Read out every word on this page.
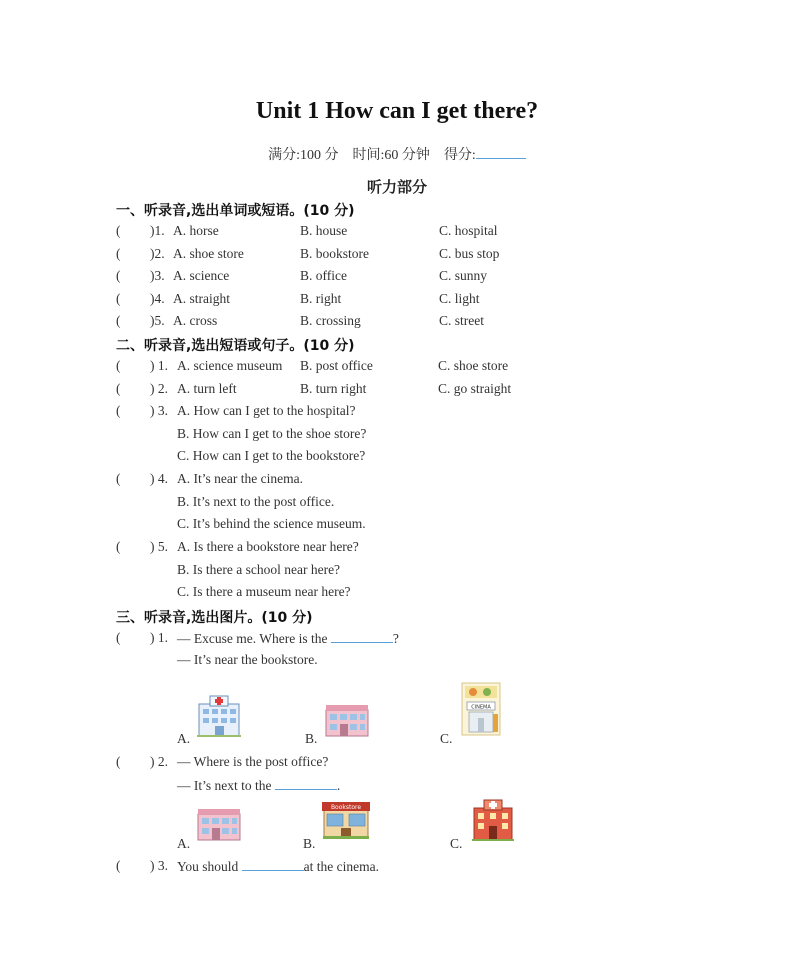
Unit 1 How can I get there?
满分:100 分 时间:60 分钟 得分:
听力部分
一、听录音,选出单词或短语。(10 分)
( )1. A. horse	B. house	C. hospital
( )2. A. shoe store	B. bookstore	C. bus stop
( )3. A. science	B. office	C. sunny
( )4. A. straight	B. right	C. light
( )5. A. cross	B. crossing	C. street
二、听录音,选出短语或句子。(10 分)
( ) 1. A. science museum B. post office	C. shoe store
( ) 2. A. turn left	B. turn right	C. go straight
( ) 3. A. How can I get to the hospital?
B. How can I get to the shoe store?
C. How can I get to the bookstore?
( ) 4. A. It’s near the cinema.
B. It’s next to the post office.
C. It’s behind the science museum.
( ) 5. A. Is there a bookstore near here?
B. Is there a school near here?
C. Is there a museum near here?
三、听录音,选出图片。(10 分)
( ) 1. — Excuse me. Where is the	?
— It’s near the bookstore.
A.	B.	C.
CINEMA
( ) 2. — Where is the post office?
— It’s next to the	.
A.	B.
Bookstore
C.
( ) 3. You should	at the cinema.
